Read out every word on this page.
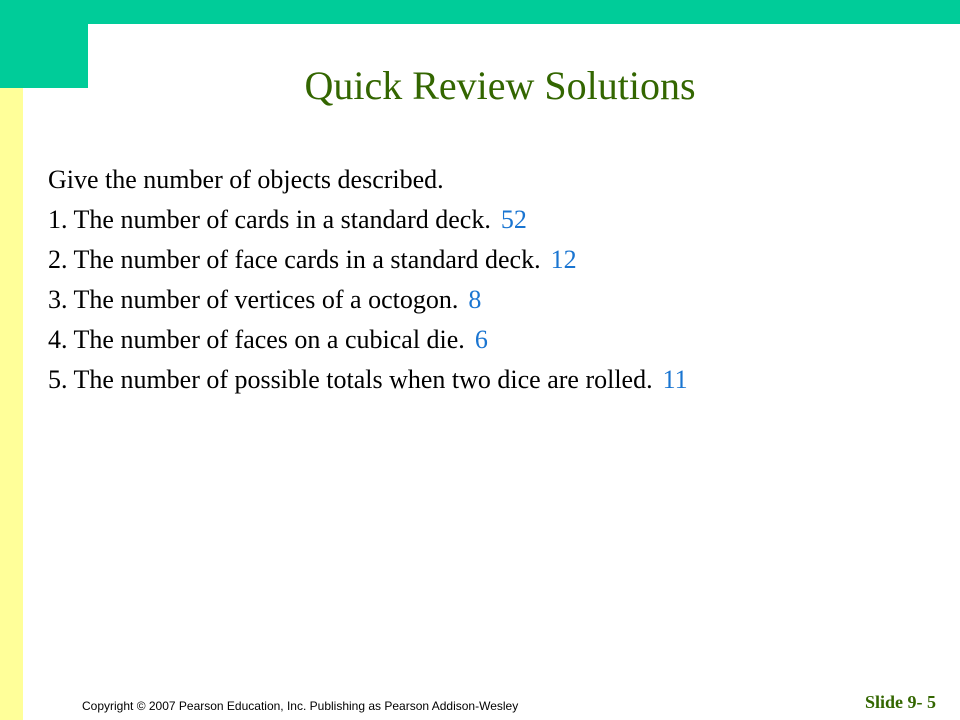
Quick Review Solutions
Give the number of objects described.
1. The number of cards in a standard deck. 52
2. The number of face cards in a standard deck. 12
3. The number of vertices of a octogon. 8
4. The number of faces on a cubical die. 6
5. The number of possible totals when two dice are rolled. 11
Copyright © 2007 Pearson Education, Inc. Publishing as Pearson Addison-Wesley	Slide 9- 5
